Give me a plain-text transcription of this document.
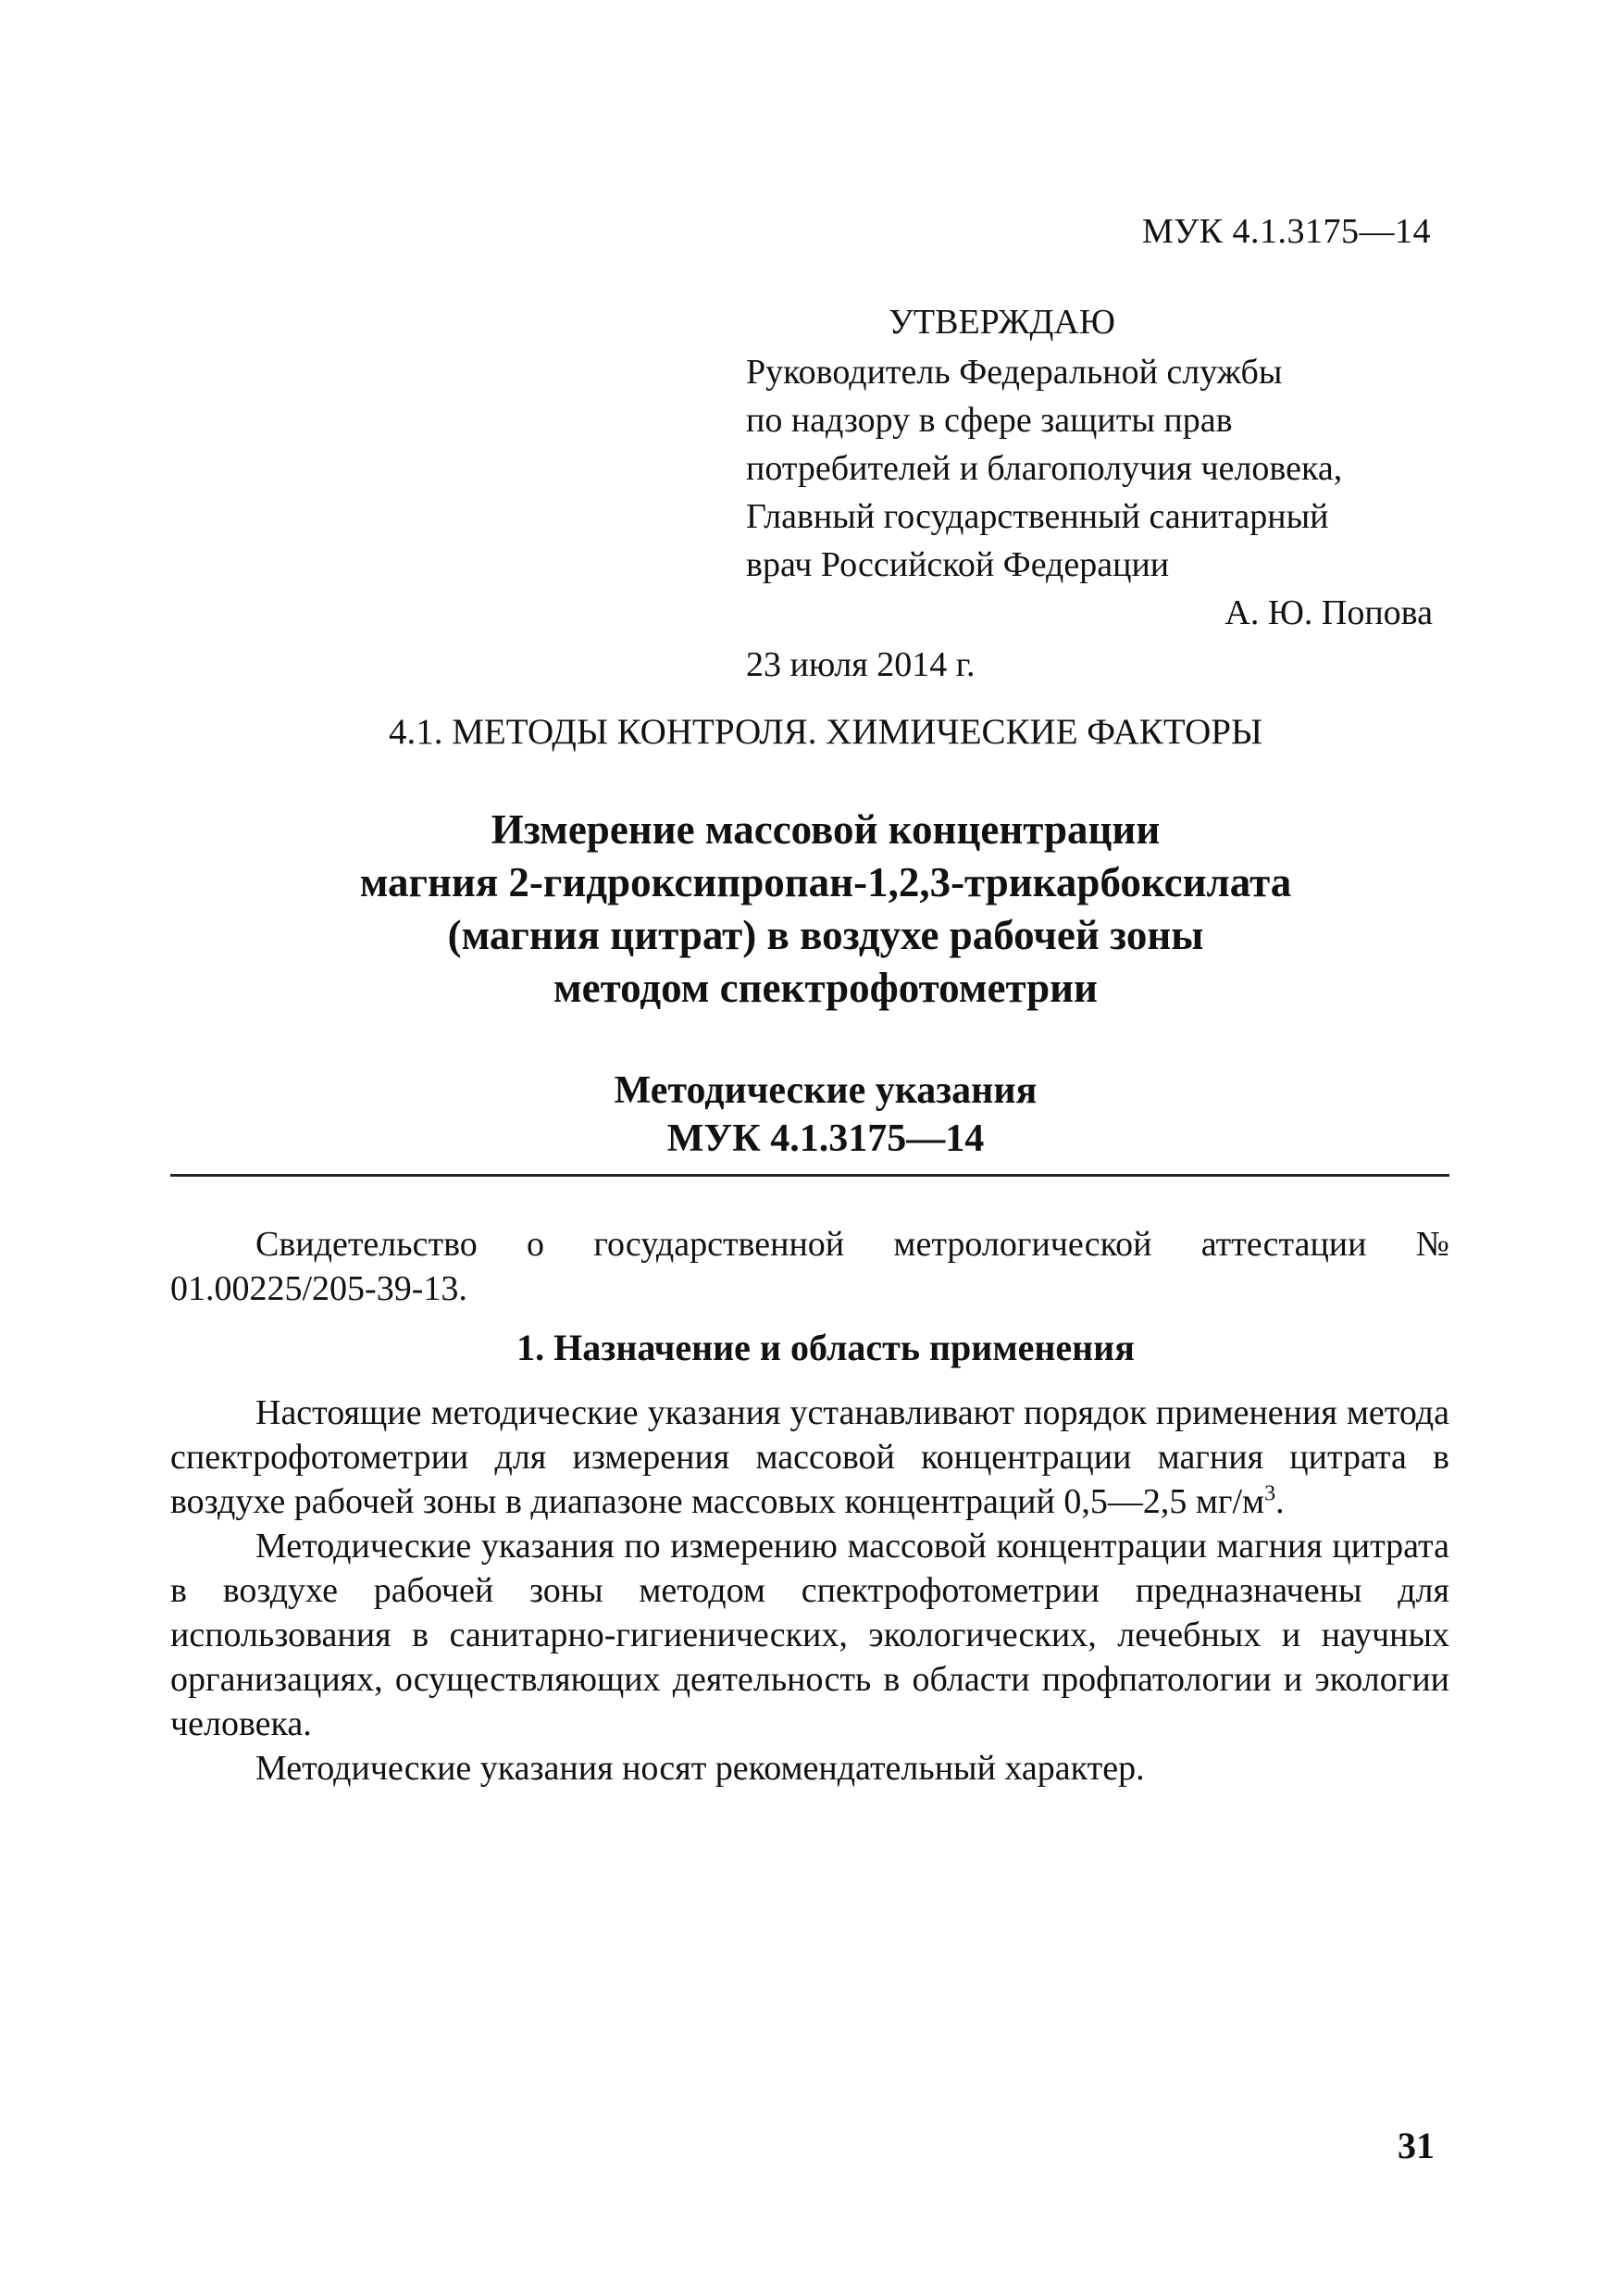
МУК 4.1.3175—14
УТВЕРЖДАЮ
Руководитель Федеральной службы
по надзору в сфере защиты прав
потребителей и благополучия человека,
Главный государственный санитарный
врач Российской Федерации
А. Ю. Попова
23 июля 2014 г.
4.1. МЕТОДЫ КОНТРОЛЯ. ХИМИЧЕСКИЕ ФАКТОРЫ
Измерение массовой концентрации
магния 2-гидроксипропан-1,2,3-трикарбоксилата
(магния цитрат) в воздухе рабочей зоны
методом спектрофотометрии
Методические указания
МУК 4.1.3175—14

Свидетельство о государственной метрологической аттестации № 01.00225/205-39-13.

1. Назначение и область применения

Настоящие методические указания устанавливают порядок применения метода спектрофотометрии для измерения массовой концентрации магния цитрата в воздухе рабочей зоны в диапазоне массовых концентраций 0,5—2,5 $мг/м^3$.

Методические указания по измерению массовой концентрации магния цитрата в воздухе рабочей зоны методом спектрофотометрии предназначены для использования в санитарно-гигиенических, экологических, лечебных и научных организациях, осуществляющих деятельность в области профпатологии и экологии человека.

Методические указания носят рекомендательный характер.

31
